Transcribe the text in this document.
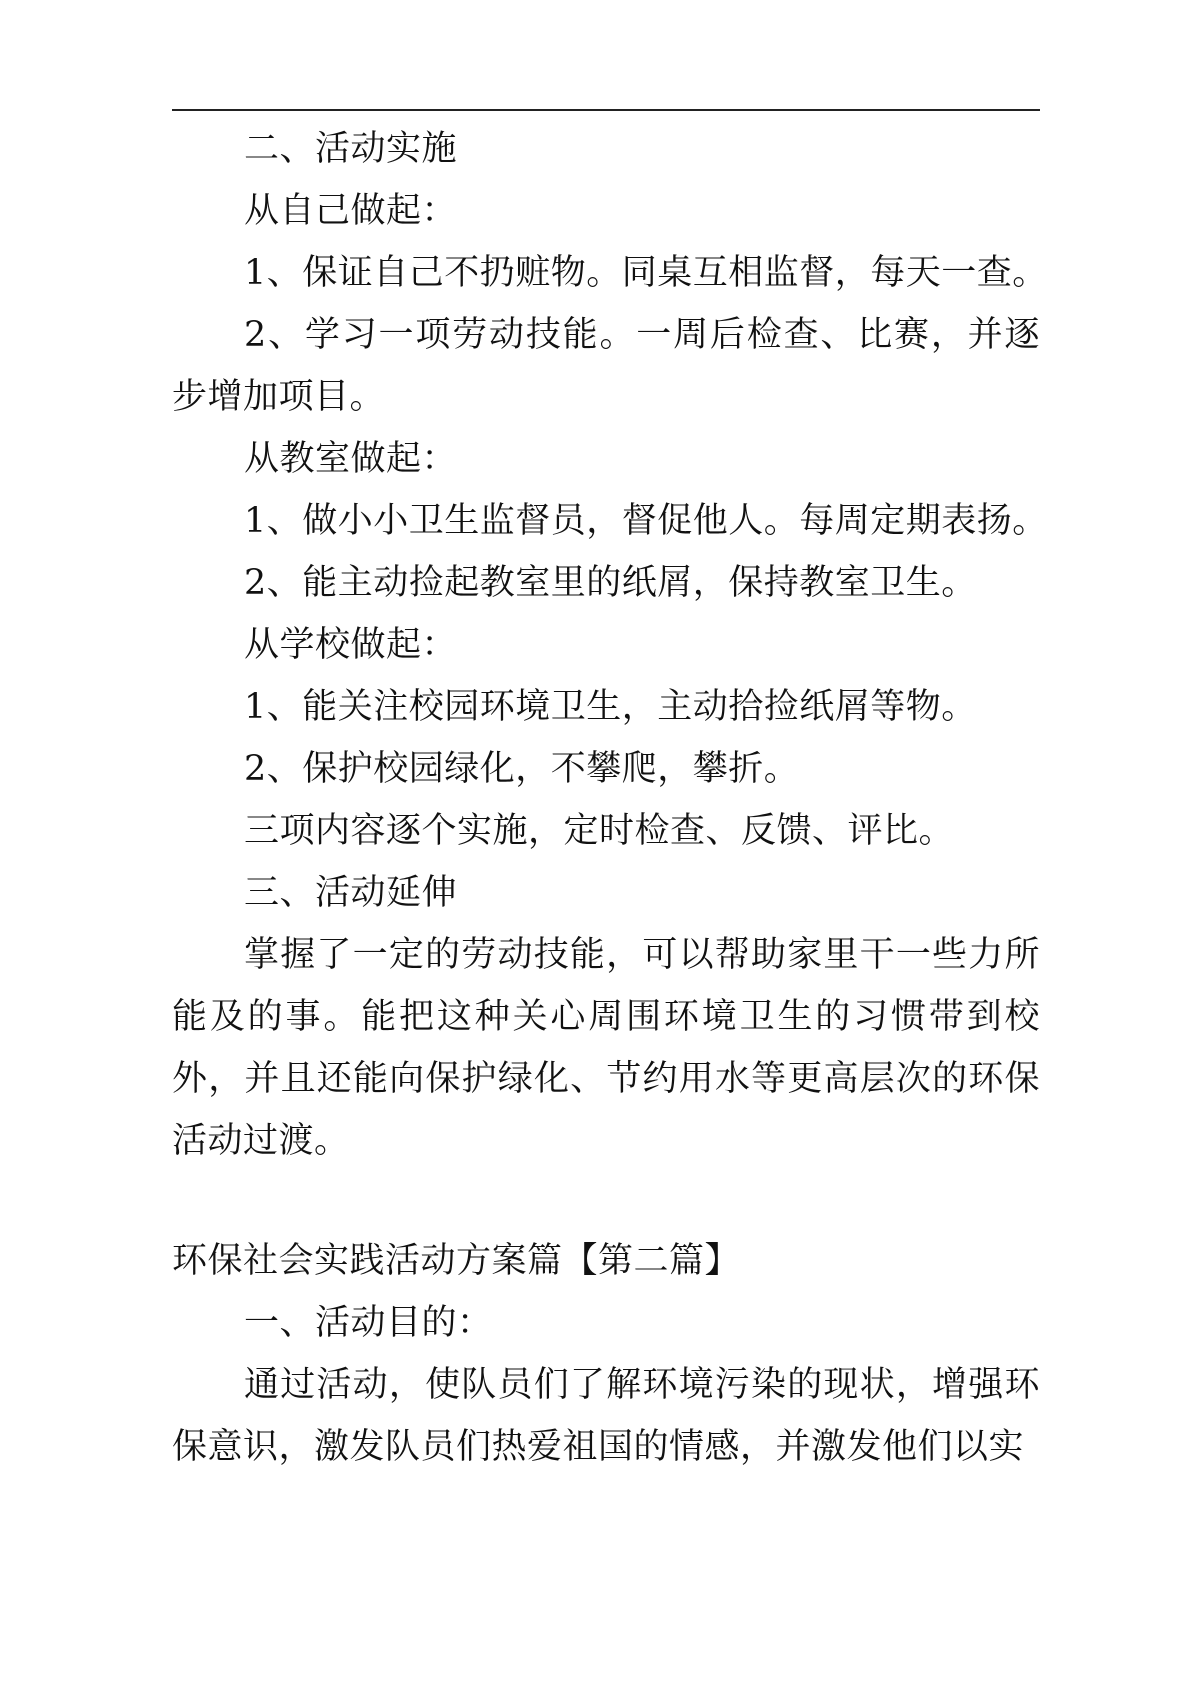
二、活动实施
从自己做起：
1、保证自己不扔赃物。同桌互相监督，每天一查。
2、学习一项劳动技能。一周后检查、比赛，并逐步增加项目。
从教室做起：
1、做小小卫生监督员，督促他人。每周定期表扬。
2、能主动捡起教室里的纸屑，保持教室卫生。
从学校做起：
1、能关注校园环境卫生，主动拾捡纸屑等物。
2、保护校园绿化，不攀爬，攀折。
三项内容逐个实施，定时检查、反馈、评比。
三、活动延伸
掌握了一定的劳动技能，可以帮助家里干一些力所能及的事。能把这种关心周围环境卫生的习惯带到校外，并且还能向保护绿化、节约用水等更高层次的环保活动过渡。
环保社会实践活动方案篇【第二篇】
一、活动目的：
通过活动，使队员们了解环境污染的现状，增强环保意识，激发队员们热爱祖国的情感，并激发他们以实
